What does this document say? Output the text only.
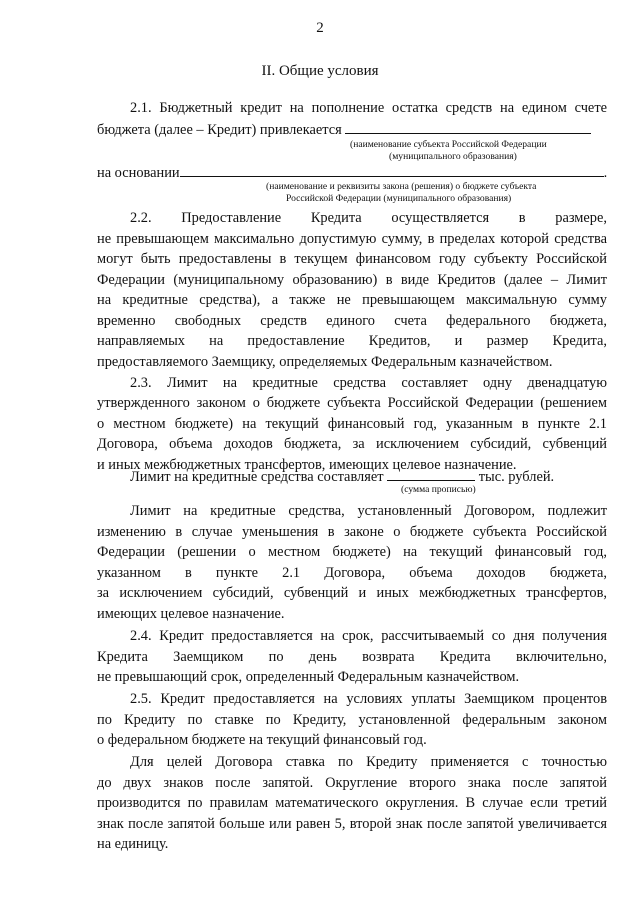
2
II. Общие условия
2.1. Бюджетный кредит на пополнение остатка средств на едином счете
бюджета (далее – Кредит) привлекается
(наименование субъекта Российской Федерации
(муниципального образования)
на основании	.
(наименование и реквизиты закона (решения) о бюджете субъекта
Российской Федерации (муниципального образования)
2.2. Предоставление Кредита осуществляется в размере,
не превышающем максимально допустимую сумму, в пределах которой средства
могут быть предоставлены в текущем финансовом году субъекту Российской
Федерации (муниципальному образованию) в виде Кредитов (далее – Лимит
на кредитные средства), а также не превышающем максимальную сумму
временно свободных средств единого счета федерального бюджета,
направляемых на предоставление Кредитов, и размер Кредита,
предоставляемого Заемщику, определяемых Федеральным казначейством.
2.3. Лимит на кредитные средства составляет одну двенадцатую
утвержденного законом о бюджете субъекта Российской Федерации (решением
о местном бюджете) на текущий финансовый год, указанным в пункте 2.1
Договора, объема доходов бюджета, за исключением субсидий, субвенций
и иных межбюджетных трансфертов, имеющих целевое назначение.
Лимит на кредитные средства составляет	тыс. рублей.
(сумма прописью)
Лимит на кредитные средства, установленный Договором, подлежит
изменению в случае уменьшения в законе о бюджете субъекта Российской
Федерации (решении о местном бюджете) на текущий финансовый год,
указанном в пункте 2.1 Договора, объема доходов бюджета,
за исключением субсидий, субвенций и иных межбюджетных трансфертов,
имеющих целевое назначение.
2.4. Кредит предоставляется на срок, рассчитываемый со дня получения
Кредита Заемщиком по день возврата Кредита включительно,
не превышающий срок, определенный Федеральным казначейством.
2.5. Кредит предоставляется на условиях уплаты Заемщиком процентов
по Кредиту по ставке по Кредиту, установленной федеральным законом
о федеральном бюджете на текущий финансовый год.
Для целей Договора ставка по Кредиту применяется с точностью
до двух знаков после запятой. Округление второго знака после запятой
производится по правилам математического округления. В случае если третий
знак после запятой больше или равен 5, второй знак после запятой увеличивается
на единицу.
